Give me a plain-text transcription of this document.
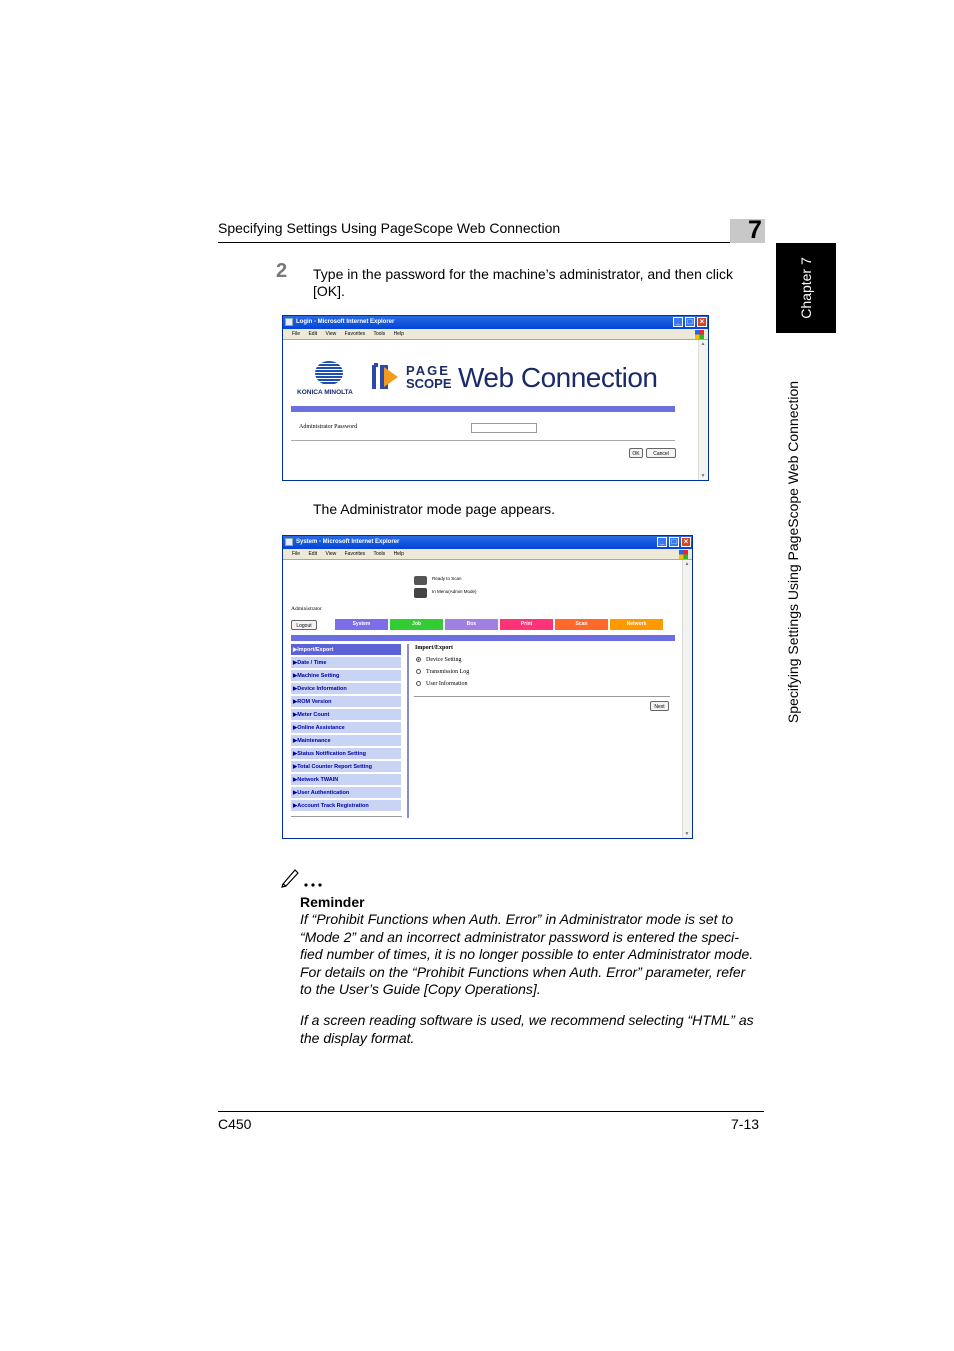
Specifying Settings Using PageScope Web Connection	7
Chapter 7
Specifying Settings Using PageScope Web Connection
2 Type in the password for the machine’s administrator, and then click [OK].
Login - Microsoft Internet Explorer	_ □ ×
File Edit View Favorites Tools Help
KONICA MINOLTA
PAGE
SCOPE Web Connection
Administrator Password
OK	Cancel
▲
▼
The Administrator mode page appears.
System - Microsoft Internet Explorer	_ □ ×
File Edit View Favorites Tools Help
Ready to Scan
In Menu(Admin Mode)
Administrator
Logout	System	Job	Box	Print	Scan	Network
▶Import/Export
▶Date / Time
▶Machine Setting
▶Device Information
▶ROM Version
▶Meter Count
▶Online Assistance
▶Maintenance
▶Status Notification Setting
▶Total Counter Report Setting
▶Network TWAIN
▶User Authentication
▶Account Track Registration
Import/Export
Device Setting
Transmission Log
User Information
Next
▲
▼
Reminder
If “Prohibit Functions when Auth. Error” in Administrator mode is set to
“Mode 2” and an incorrect administrator password is entered the speci-
fied number of times, it is no longer possible to enter Administrator mode.
For details on the “Prohibit Functions when Auth. Error” parameter, refer
to the User’s Guide [Copy Operations].
If a screen reading software is used, we recommend selecting “HTML” as
the display format.
C450	7-13
